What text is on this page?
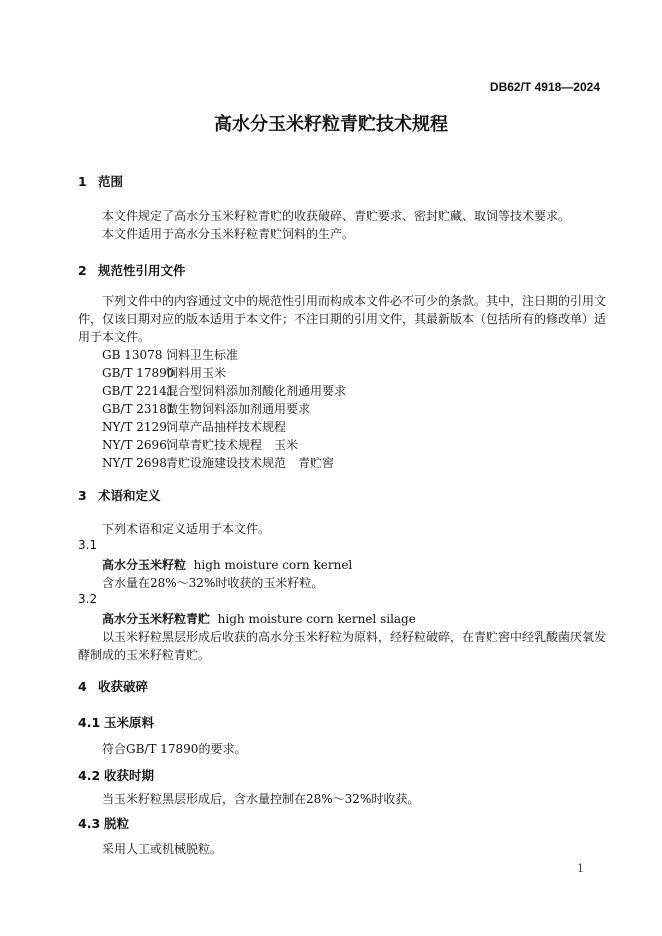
DB62/T 4918—2024
高水分玉米籽粒青贮技术规程
1 范围
本文件规定了高水分玉米籽粒青贮的收获破碎、青贮要求、密封贮藏、取饲等技术要求。
本文件适用于高水分玉米籽粒青贮饲料的生产。
2 规范性引用文件
下列文件中的内容通过文中的规范性引用而构成本文件必不可少的条款。其中，注日期的引用文件，仅该日期对应的版本适用于本文件；不注日期的引用文件，其最新版本（包括所有的修改单）适用于本文件。
GB 13078 饲料卫生标准
GB/T 17890饲料用玉米
GB/T 22141混合型饲料添加剂酸化剂通用要求
GB/T 23181微生物饲料添加剂通用要求
NY/T 2129饲草产品抽样技术规程
NY/T 2696饲草青贮技术规程　玉米
NY/T 2698青贮设施建设技术规范　青贮窖
3 术语和定义
下列术语和定义适用于本文件。
3.1
高水分玉米籽粒 high moisture corn kernel
含水量在28%～32%时收获的玉米籽粒。
3.2
高水分玉米籽粒青贮 high moisture corn kernel silage
以玉米籽粒黑层形成后收获的高水分玉米籽粒为原料，经籽粒破碎，在青贮窖中经乳酸菌厌氧发酵制成的玉米籽粒青贮。
4 收获破碎
4.1 玉米原料
符合GB/T 17890的要求。
4.2 收获时期
当玉米籽粒黑层形成后，含水量控制在28%～32%时收获。
4.3 脱粒
采用人工或机械脱粒。
1
